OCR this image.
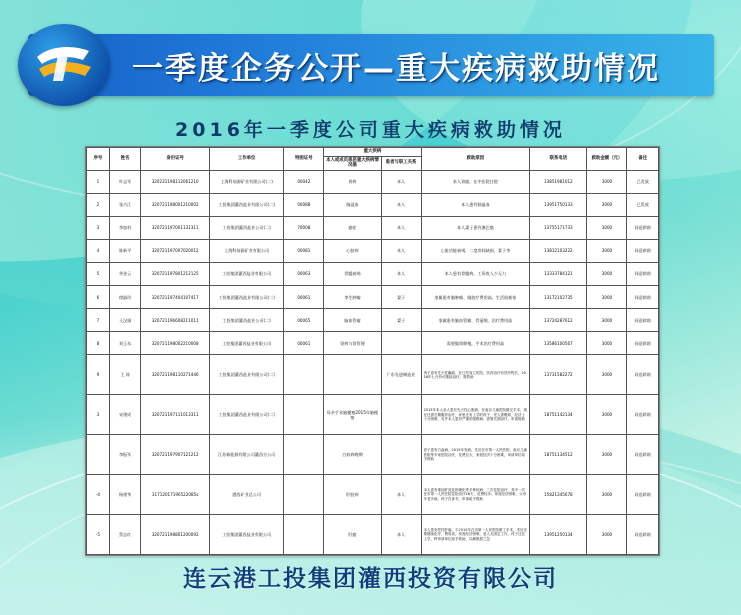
一季度企务公开—重大疾病救助情况
2016年一季度公司重大疾病救助情况
序号	姓名	身份证号	工作单位	特困证号	重大疾病		救助原因	联系电话	救助金额（元）	备注
					本人或成员患恶重大疾病情况描	患者与职工关系				
1	叶志军	320231198112061210	上海科灿源矿业有限公司(二)	00042	胃病	本人	本人胃癌，在中医院住院	13851981012	3000	已发放
2	张吉江	320721198001210002	工投集团灌西盐业有限公司(二)	00088	脑溢血	本人	本人患有脑溢血	13951750133	3000	已发放
3	李加村	320721197001131311	工投集团灌西盐业公司(二)	70008	癌症	本人	本人妻子患有淋巴癌	13755171733	3000	同意救助
4	陈新平	320721197007020012	上海科灿源矿业有限公司	00081	心脏病	本人	心脏功能衰竭，二度房间缺损，妻子李	13812103222	3000	同意救助
5	华金云	320721197801212125	工投集团灌西盐业有限公司	00063	骨髓衰竭	本人	本人患有骨髓病，工资收入少无力	13333784121	3000	同意救助
6	徐淑玲	320721197404107417	工投集团灌西盐业有限公司(二)	00061	李生肿瘤	妻子	家属患有脑肿瘤、做放疗费用高，生活困难家	13172102735	3000	同意救助
7	王汉娟	320721196608211011	工投集团灌西盐业公司(二)	00065	脑血管瘤	妻子	家属患有脑血管瘤、骨萎缩、治疗费用高	13724287612	3000	同意救助
8	刘玉东	320721198002210008	工投集团灌西盐业有限公司	00061	肾病与肾管理		需要做肾移植，手术治疗费用高	13586100567	3000	同意救助
9	王 涛	320721198110271446	工投集团灌西盐业有限公司(二)			广东先进制造业	孩子患有先天性癫痫，在江苏省立医院，医药治疗有效疗程长，2016年七月份可继续治疗，需救助	13731582272	3000	同意救助
3	宋建成	320721197111013311	工投集团灌西盐业有限公司(二)		母亲手术脑梗塞2015年脑梗塞		2015年本人亲人患有先天性心脏病，在南京儿童医院做完手术，现在还需长期服药治疗，家里还有上学的孩子，老人需赡养，经济上十分困难，另外本人患有严重的颈椎病，需要长期治疗，申请救助	18751142134	3000	同意救助
	李振军	320721197907121212	江苏新能源有限公司灌西分公司		白血病晚期		爱子患有白血病，2015年发病，先后在市第一人民医院、南京儿童医院等多家医院治疗，花费巨大，家庭经济十分困难，申请单位给予救助	18751134512	3000	同意救助
-4	杨建华	31712017196522085s	港西矿业总公司		肝脏病	本人	本人患有重症肝炎及肝硬化等多种疾病，三次住院治疗，其中一次在市第一人民医院住院治疗18天，花费较多；家庭经济困难，父母年老多病，孩子在读书，申请给予救助	15821345678	3000	同意救助
-5	蔡志红	320721198801200092	工投集团灌西盐业有限公司		肝癌	本人	本人患有恶性肝癌，于2015年在市第一人民医院做了手术，术后还要继续化疗，费用高，家庭经济困难，爱人无固定工作，孩子还在上学，特申请单位给予救助，以解燃眉之急	13951250134	3000	同意救助
连云港工投集团灌西投资有限公司
